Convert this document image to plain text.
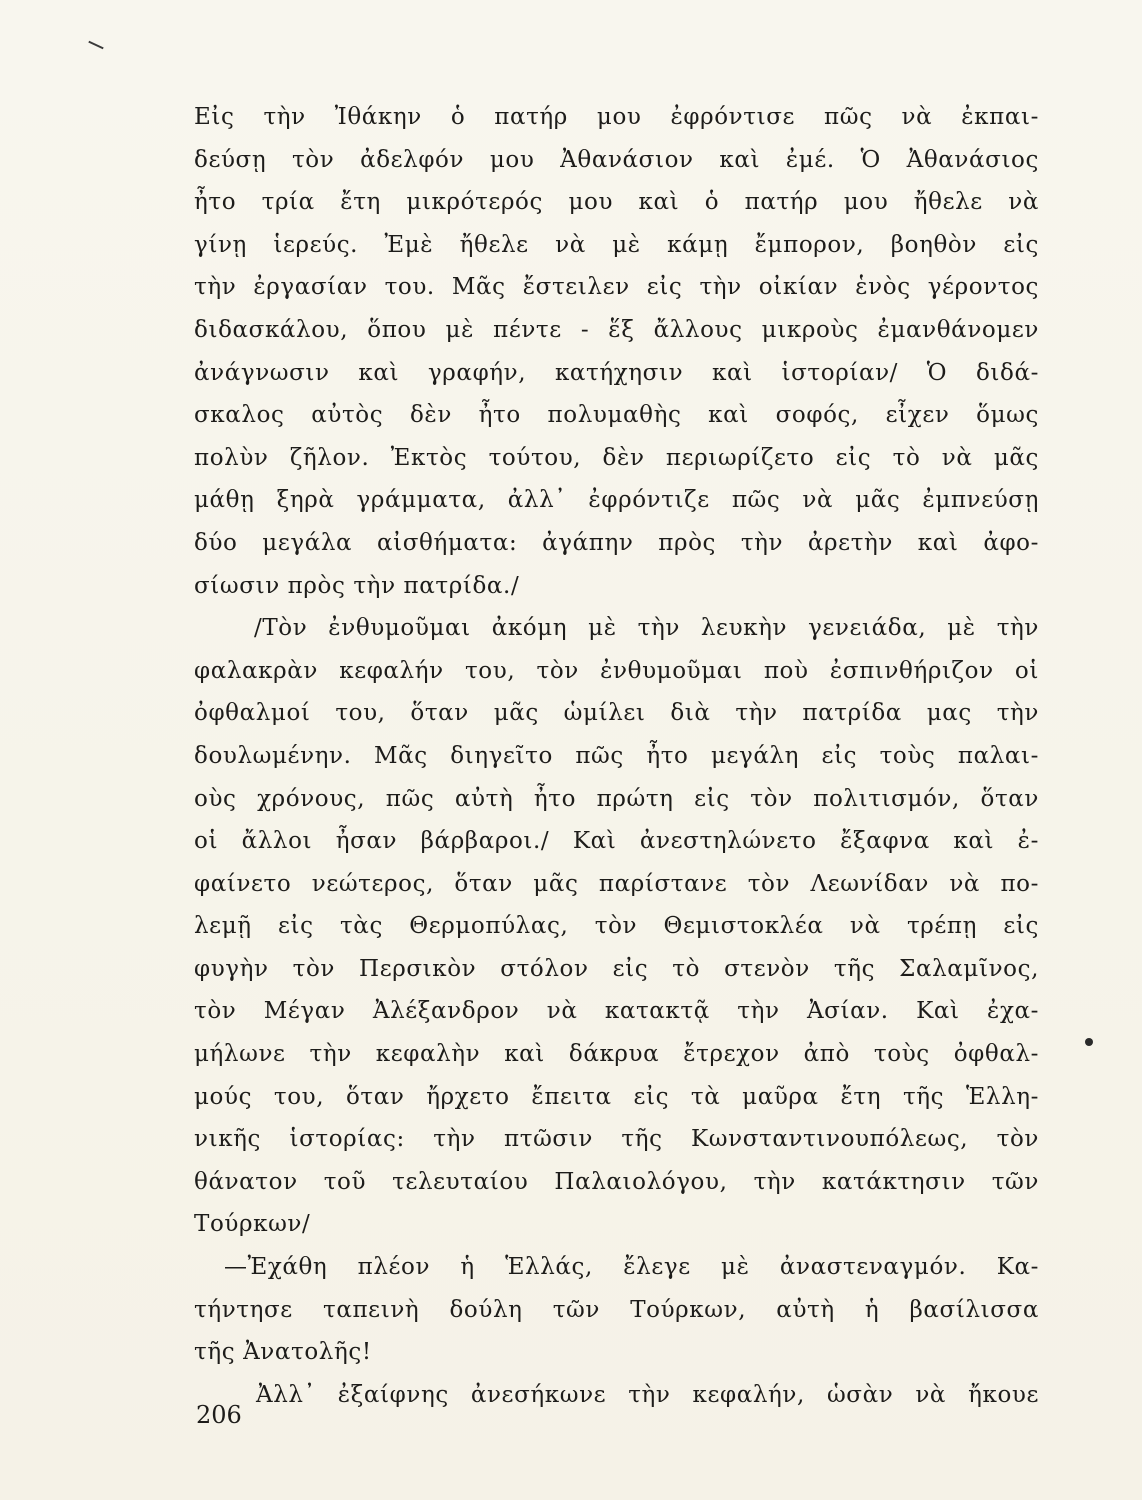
Εἰς τὴν Ἰθάκην ὁ πατήρ μου ἐφρόντισε πῶς νὰ ἐκπαι-
δεύσῃ τὸν ἀδελφόν μου Ἀθανάσιον καὶ ἐμέ. Ὁ Ἀθανάσιος
ἦτο τρία ἔτη μικρότερός μου καὶ ὁ πατήρ μου ἤθελε νὰ
γίνῃ ἱερεύς. Ἐμὲ ἤθελε νὰ μὲ κάμῃ ἔμπορον, βοηθὸν εἰς
τὴν ἐργασίαν του. Μᾶς ἔστειλεν εἰς τὴν οἰκίαν ἑνὸς γέροντος
διδασκάλου, ὅπου μὲ πέντε - ἕξ ἄλλους μικροὺς ἐμανθάνομεν
ἀνάγνωσιν καὶ γραφήν, κατήχησιν καὶ ἱστορίαν/ Ὁ διδά-
σκαλος αὐτὸς δὲν ἦτο πολυμαθὴς καὶ σοφός, εἶχεν ὅμως
πολὺν ζῆλον. Ἐκτὸς τούτου, δὲν περιωρίζετο εἰς τὸ νὰ μᾶς
μάθῃ ξηρὰ γράμματα, ἀλλ᾽ ἐφρόντιζε πῶς νὰ μᾶς ἐμπνεύσῃ
δύο μεγάλα αἰσθήματα: ἀγάπην πρὸς τὴν ἀρετὴν καὶ ἀφο-
σίωσιν πρὸς τὴν πατρίδα./
/Τὸν ἐνθυμοῦμαι ἀκόμη μὲ τὴν λευκὴν γενειάδα, μὲ τὴν
φαλακρὰν κεφαλήν του, τὸν ἐνθυμοῦμαι ποὺ ἐσπινθήριζον οἱ
ὀφθαλμοί του, ὅταν μᾶς ὡμίλει διὰ τὴν πατρίδα μας τὴν
δουλωμένην. Μᾶς διηγεῖτο πῶς ἦτο μεγάλη εἰς τοὺς παλαι-
οὺς χρόνους, πῶς αὐτὴ ἦτο πρώτη εἰς τὸν πολιτισμόν, ὅταν
οἱ ἄλλοι ἦσαν βάρβαροι./ Καὶ ἀνεστηλώνετο ἔξαφνα καὶ ἐ-
φαίνετο νεώτερος, ὅταν μᾶς παρίστανε τὸν Λεωνίδαν νὰ πο-
λεμῇ εἰς τὰς Θερμοπύλας, τὸν Θεμιστοκλέα νὰ τρέπῃ εἰς
φυγὴν τὸν Περσικὸν στόλον εἰς τὸ στενὸν τῆς Σαλαμῖνος,
τὸν Μέγαν Ἀλέξανδρον νὰ κατακτᾷ τὴν Ἀσίαν. Καὶ ἐχα-
μήλωνε τὴν κεφαλὴν καὶ δάκρυα ἔτρεχον ἀπὸ τοὺς ὀφθαλ-
μούς του, ὅταν ἤρχετο ἔπειτα εἰς τὰ μαῦρα ἔτη τῆς Ἑλλη-
νικῆς ἱστορίας: τὴν πτῶσιν τῆς Κωνσταντινουπόλεως, τὸν
θάνατον τοῦ τελευταίου Παλαιολόγου, τὴν κατάκτησιν τῶν
Τούρκων/
—Ἐχάθη πλέον ἡ Ἑλλάς, ἔλεγε μὲ ἀναστεναγμόν. Κα-
τήντησε ταπεινὴ δούλη τῶν Τούρκων, αὐτὴ ἡ βασίλισσα
τῆς Ἀνατολῆς!
Ἀλλ᾽ ἐξαίφνης ἀνεσήκωνε τὴν κεφαλήν, ὡσὰν νὰ ἤκουε
206
